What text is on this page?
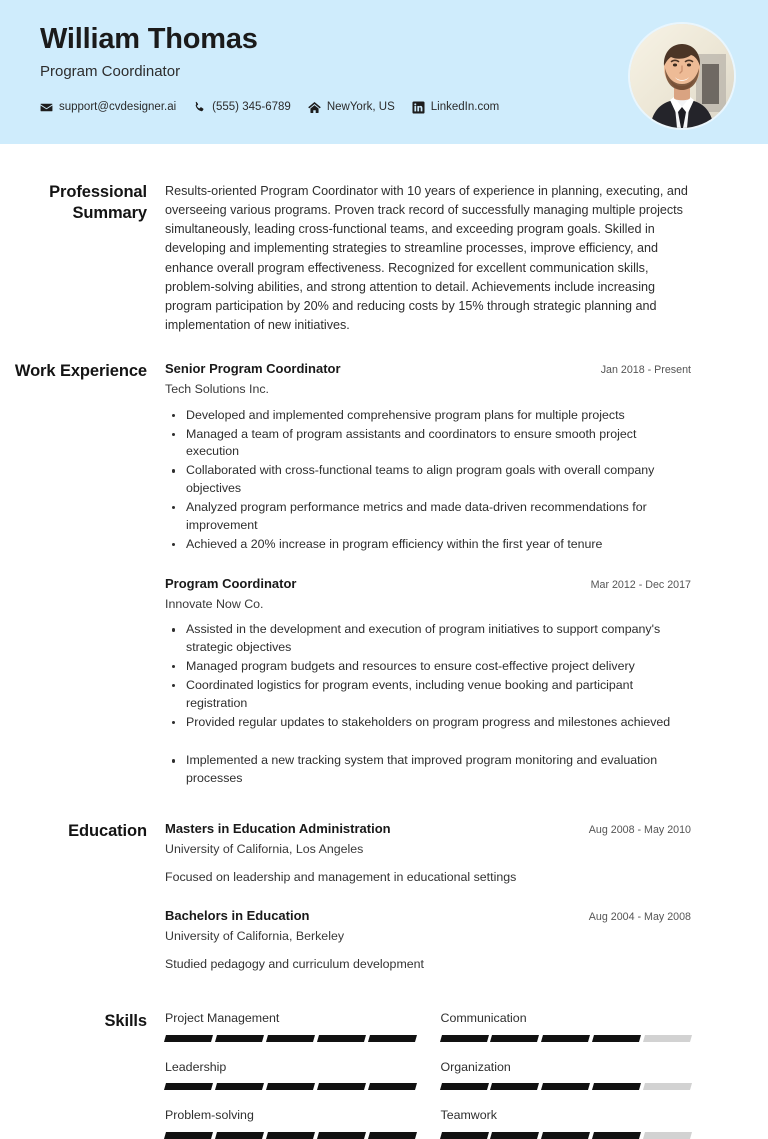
William Thomas
Program Coordinator
support@cvdesigner.ai	(555) 345-6789	NewYork, US	LinkedIn.com
Professional Summary
Results-oriented Program Coordinator with 10 years of experience in planning, executing, and overseeing various programs. Proven track record of successfully managing multiple projects simultaneously, leading cross-functional teams, and exceeding program goals. Skilled in developing and implementing strategies to streamline processes, improve efficiency, and enhance overall program effectiveness. Recognized for excellent communication skills, problem-solving abilities, and strong attention to detail. Achievements include increasing program participation by 20% and reducing costs by 15% through strategic planning and implementation of new initiatives.
Work Experience	Senior Program Coordinator	Jan 2018 - Present
Tech Solutions Inc.
Developed and implemented comprehensive program plans for multiple projects
Managed a team of program assistants and coordinators to ensure smooth project execution
Collaborated with cross-functional teams to align program goals with overall company objectives
Analyzed program performance metrics and made data-driven recommendations for improvement
Achieved a 20% increase in program efficiency within the first year of tenure
Program Coordinator	Mar 2012 - Dec 2017
Innovate Now Co.
Assisted in the development and execution of program initiatives to support company's strategic objectives
Managed program budgets and resources to ensure cost-effective project delivery
Coordinated logistics for program events, including venue booking and participant registration
Provided regular updates to stakeholders on program progress and milestones achieved
Implemented a new tracking system that improved program monitoring and evaluation processes
Education	Masters in Education Administration	Aug 2008 - May 2010
University of California, Los Angeles
Focused on leadership and management in educational settings
Bachelors in Education	Aug 2004 - May 2008
University of California, Berkeley
Studied pedagogy and curriculum development
Skills	Project Management	Communication
Leadership	Organization
Problem-solving	Teamwork
